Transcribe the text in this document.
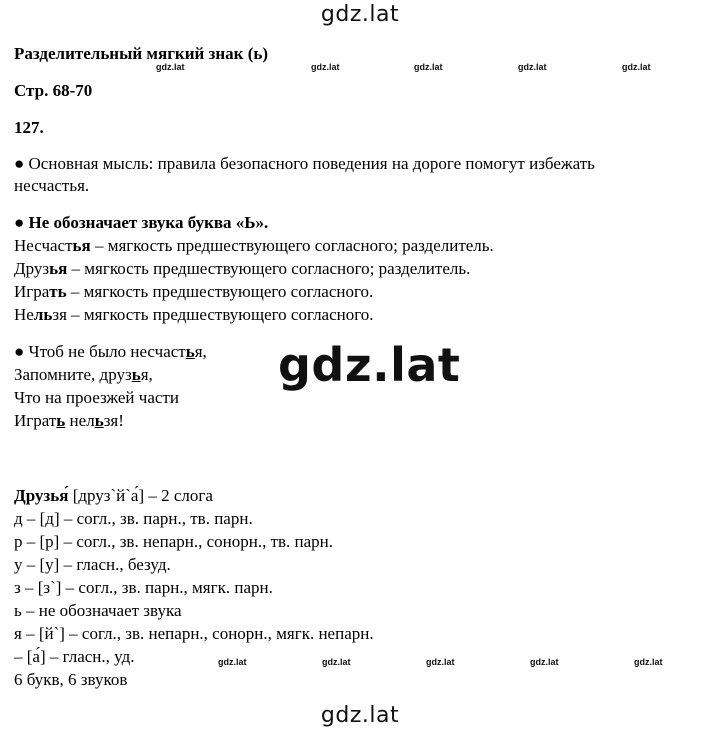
gdz.lat
gdz.lat
gdz.lat
gdz.lat	gdz.lat	gdz.lat	gdz.lat	gdz.lat
gdz.lat	gdz.lat	gdz.lat	gdz.lat	gdz.lat
Разделительный мягкий знак (ь)
Стр. 68-70
127.
● Основная мысль: правила безопасного поведения на дороге помогут избежать
несчастья.
● Не обозначает звука буква «Ь».
Несчастья – мягкость предшествующего согласного; разделитель.
Друзья – мягкость предшествующего согласного; разделитель.
Играть – мягкость предшествующего согласного.
Нельзя – мягкость предшествующего согласного.
● Чтоб не было несчастья,
Запомните, друзья,
Что на проезжей части
Играть нельзя!
Друзья́ [друз`й`а́] – 2 слога
д – [д] – согл., зв. парн., тв. парн.
р – [р] – согл., зв. непарн., сонорн., тв. парн.
у – [у] – гласн., безуд.
з – [з`] – согл., зв. парн., мягк. парн.
ь – не обозначает звука
я – [й`] – согл., зв. непарн., сонорн., мягк. непарн.
– [а́] – гласн., уд.
6 букв, 6 звуков
